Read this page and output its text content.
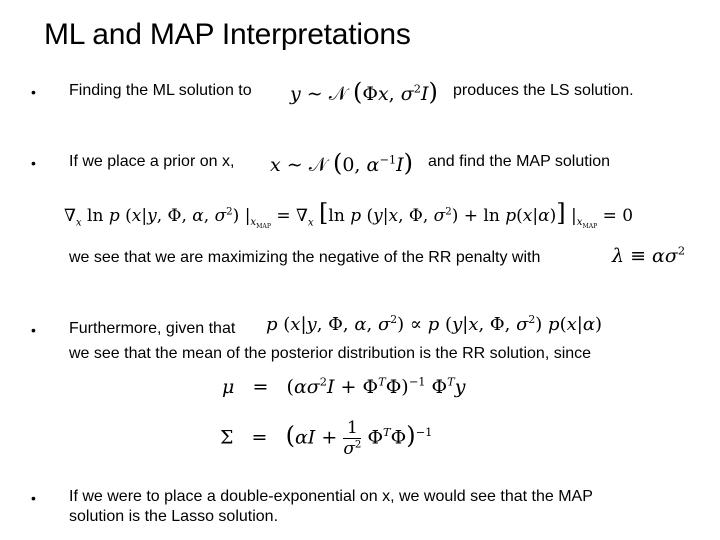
ML and MAP Interpretations
• Finding the ML solution to y ∼ 𝒩 (Φx, $\sigma^2I$) produces the LS solution.
• If we place a prior on x, x ∼ 𝒩 (0, $\alpha^{-1}I$) and find the MAP solution
$\nabla_x$ ln p (x|y, Φ, α, $\sigma^2$) $|_{x_{MAP}} = \nabla_x$ [ln p (y|x, Φ, $\sigma^2) + \ln p(x|\alpha)$] $|_{x_{MAP}} = 0$
we see that we are maximizing the negative of the RR penalty with	$\lambda \equiv \alpha\sigma^2$
• Furthermore, given that p (x|y, Φ, α, $\sigma^2) \propto p$ (y|x, Φ, $\sigma^2$) p(x|α)
we see that the mean of the posterior distribution is the RR solution, since
$\mu = (\alpha\sigma^2I + \Phi^T\Phi)^{-1}$ $\Phi^Ty$
$\Sigma = (\alpha I + \frac{1}{\sigma^2} \Phi^T\Phi)^{-1}$
• If we were to place a double-exponential on x, we would see that the MAP
solution is the Lasso solution.
